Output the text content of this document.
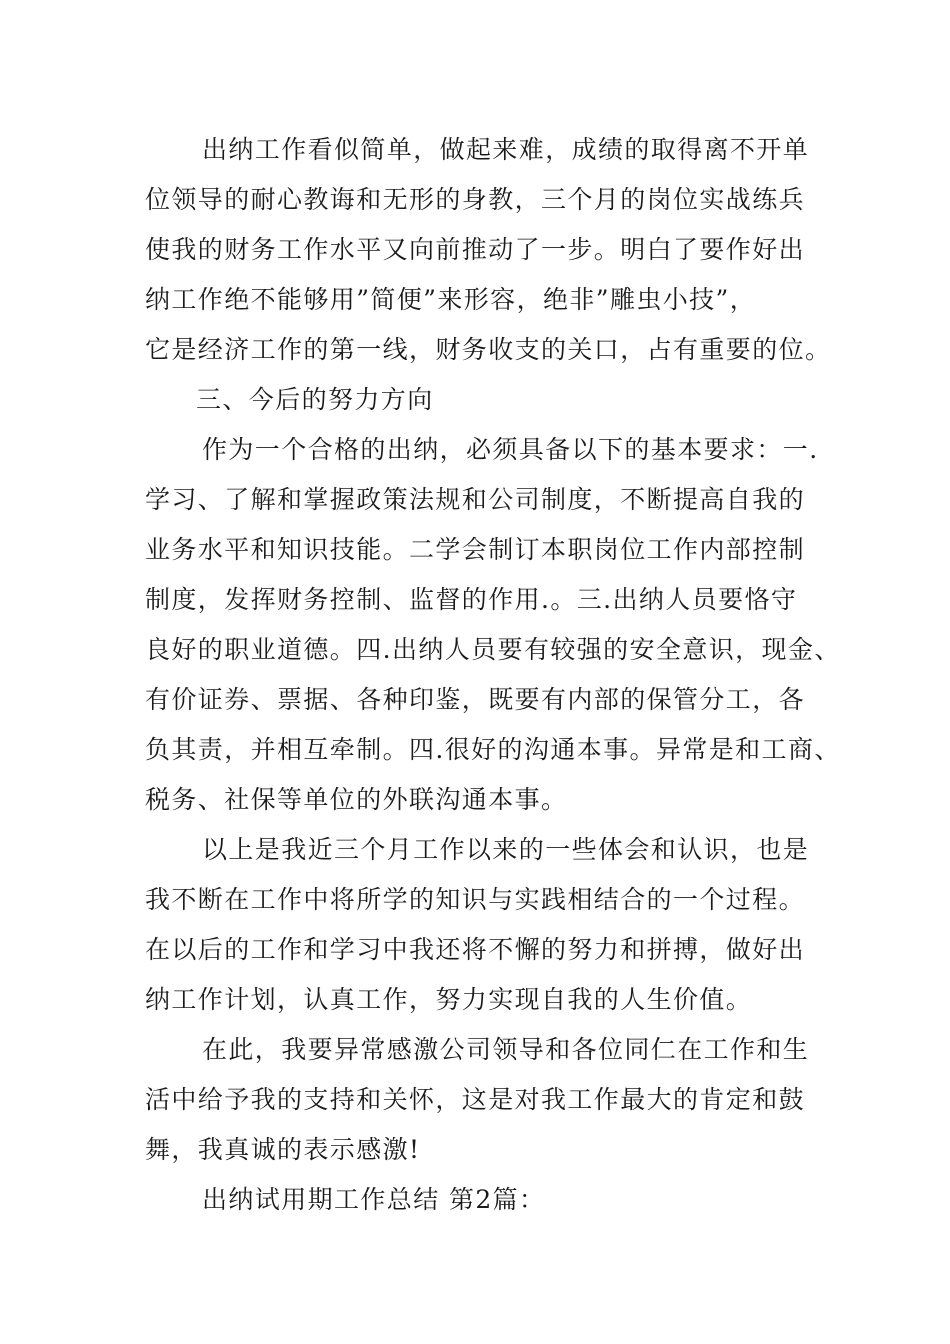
出纳工作看似简单，做起来难，成绩的取得离不开单
位领导的耐心教诲和无形的身教，三个月的岗位实战练兵
使我的财务工作水平又向前推动了一步。明白了要作好出
纳工作绝不能够用”简便”来形容，绝非”雕虫小技”，
它是经济工作的第一线，财务收支的关口，占有重要的位。
三、今后的努力方向
作为一个合格的出纳，必须具备以下的基本要求：一.
学习、了解和掌握政策法规和公司制度，不断提高自我的
业务水平和知识技能。二学会制订本职岗位工作内部控制
制度，发挥财务控制、监督的作用.。三.出纳人员要恪守
良好的职业道德。四.出纳人员要有较强的安全意识，现金、
有价证券、票据、各种印鉴，既要有内部的保管分工，各
负其责，并相互牵制。四.很好的沟通本事。异常是和工商、
税务、社保等单位的外联沟通本事。
以上是我近三个月工作以来的一些体会和认识，也是
我不断在工作中将所学的知识与实践相结合的一个过程。
在以后的工作和学习中我还将不懈的努力和拼搏，做好出
纳工作计划，认真工作，努力实现自我的人生价值。
在此，我要异常感激公司领导和各位同仁在工作和生
活中给予我的支持和关怀，这是对我工作最大的肯定和鼓
舞，我真诚的表示感激!
出纳试用期工作总结 第2篇：
